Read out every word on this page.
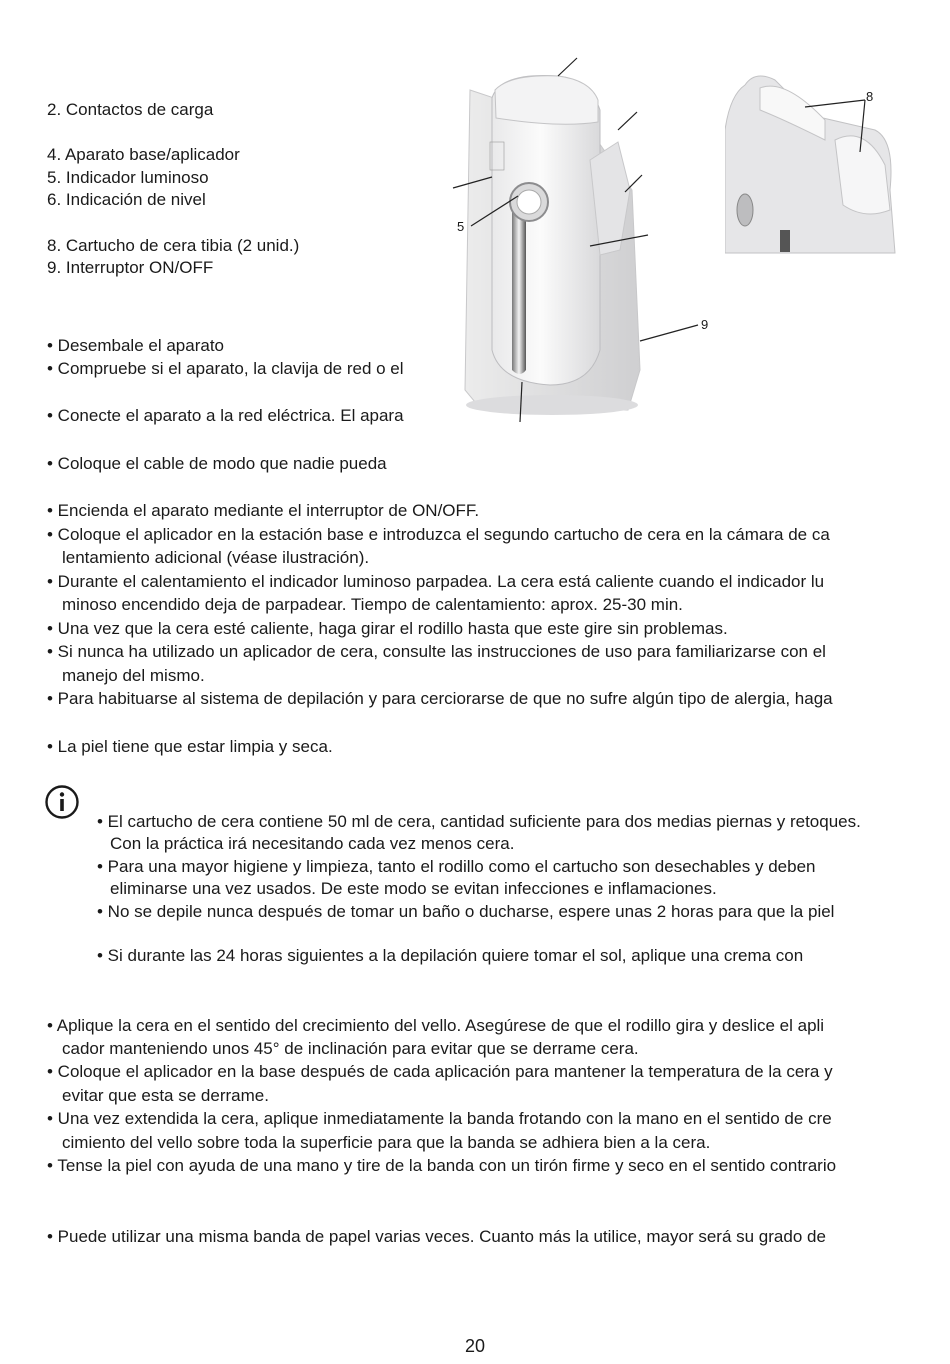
2. Contactos de carga
4. Aparato base/aplicador
5. Indicador luminoso
6. Indicación de nivel
8. Cartucho de cera tibia (2 unid.)
9. Interruptor ON/OFF
• Desembale el aparato
• Compruebe si el aparato, la clavija de red o el
• Conecte el aparato a la red eléctrica. El apara
• Coloque el cable de modo que nadie pueda
• Encienda el aparato mediante el interruptor de ON/OFF.
• Coloque el aplicador en la estación base e introduzca el segundo cartucho de cera en la cámara de ca
lentamiento adicional (véase ilustración).
• Durante el calentamiento el indicador luminoso parpadea. La cera está caliente cuando el indicador lu
minoso encendido deja de parpadear. Tiempo de calentamiento: aprox. 25-30 min.
• Una vez que la cera esté caliente, haga girar el rodillo hasta que este gire sin problemas.
• Si nunca ha utilizado un aplicador de cera, consulte las instrucciones de uso para familiarizarse con el
manejo del mismo.
• Para habituarse al sistema de depilación y para cerciorarse de que no sufre algún tipo de alergia, haga
• La piel tiene que estar limpia y seca.
• El cartucho de cera contiene 50 ml de cera, cantidad suficiente para dos medias piernas y retoques.
Con la práctica irá necesitando cada vez menos cera.
• Para una mayor higiene y limpieza, tanto el rodillo como el cartucho son desechables y deben
eliminarse una vez usados. De este modo se evitan infecciones e inflamaciones.
• No se depile nunca después de tomar un baño o ducharse, espere unas 2 horas para que la piel
• Si durante las 24 horas siguientes a la depilación quiere tomar el sol, aplique una crema con
• Aplique la cera en el sentido del crecimiento del vello. Asegúrese de que el rodillo gira y deslice el apli
cador manteniendo unos 45° de inclinación para evitar que se derrame cera.
• Coloque el aplicador en la base después de cada aplicación para mantener la temperatura de la cera y
evitar que esta se derrame.
• Una vez extendida la cera, aplique inmediatamente la banda frotando con la mano en el sentido de cre
cimiento del vello sobre toda la superficie para que la banda se adhiera bien a la cera.
• Tense la piel con ayuda de una mano y tire de la banda con un tirón firme y seco en el sentido contrario
• Puede utilizar una misma banda de papel varias veces. Cuanto más la utilice, mayor será su grado de
5
9
8
20
